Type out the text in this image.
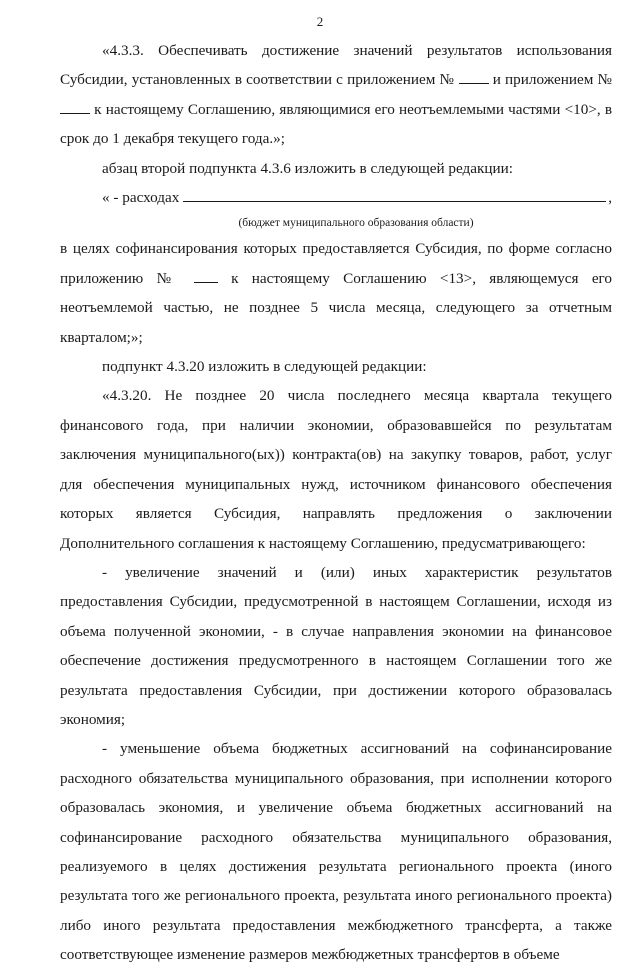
2

«4.3.3. Обеспечивать достижение значений результатов использования Субсидии, установленных в соответствии с приложением №	и приложением №  к настоящему Соглашению, являющимися его неотъемлемыми частями <10>, в срок до 1 декабря текущего года.»;

абзац второй подпункта 4.3.6 изложить в следующей редакции:

« - расходах	,

(бюджет муниципального образования области)

в целях софинансирования которых предоставляется Субсидия, по форме согласно приложению №	к настоящему Соглашению <13>, являющемуся его неотъемлемой частью, не позднее 5 числа месяца, следующего за отчетным кварталом;»;

подпункт 4.3.20 изложить в следующей редакции:

«4.3.20. Не позднее 20 числа последнего месяца квартала текущего финансового года, при наличии экономии, образовавшейся по результатам заключения муниципального(ых)) контракта(ов) на закупку товаров, работ, услуг для обеспечения муниципальных нужд, источником финансового обеспечения которых является Субсидия, направлять предложения о заключении Дополнительного соглашения к настоящему Соглашению, предусматривающего:

- увеличение значений и (или) иных характеристик результатов предоставления Субсидии, предусмотренной в настоящем Соглашении, исходя из объема полученной экономии, - в случае направления экономии на финансовое обеспечение достижения предусмотренного в настоящем Соглашении того же результата предоставления Субсидии, при достижении которого образовалась экономия;

- уменьшение объема бюджетных ассигнований на софинансирование расходного обязательства муниципального образования, при исполнении которого образовалась экономия, и увеличение объема бюджетных ассигнований на софинансирование расходного обязательства муниципального образования, реализуемого в целях достижения результата регионального проекта (иного результата того же регионального проекта, результата иного регионального проекта) либо иного результата предоставления межбюджетного трансферта, а также соответствующее изменение размеров межбюджетных трансфертов в объеме
